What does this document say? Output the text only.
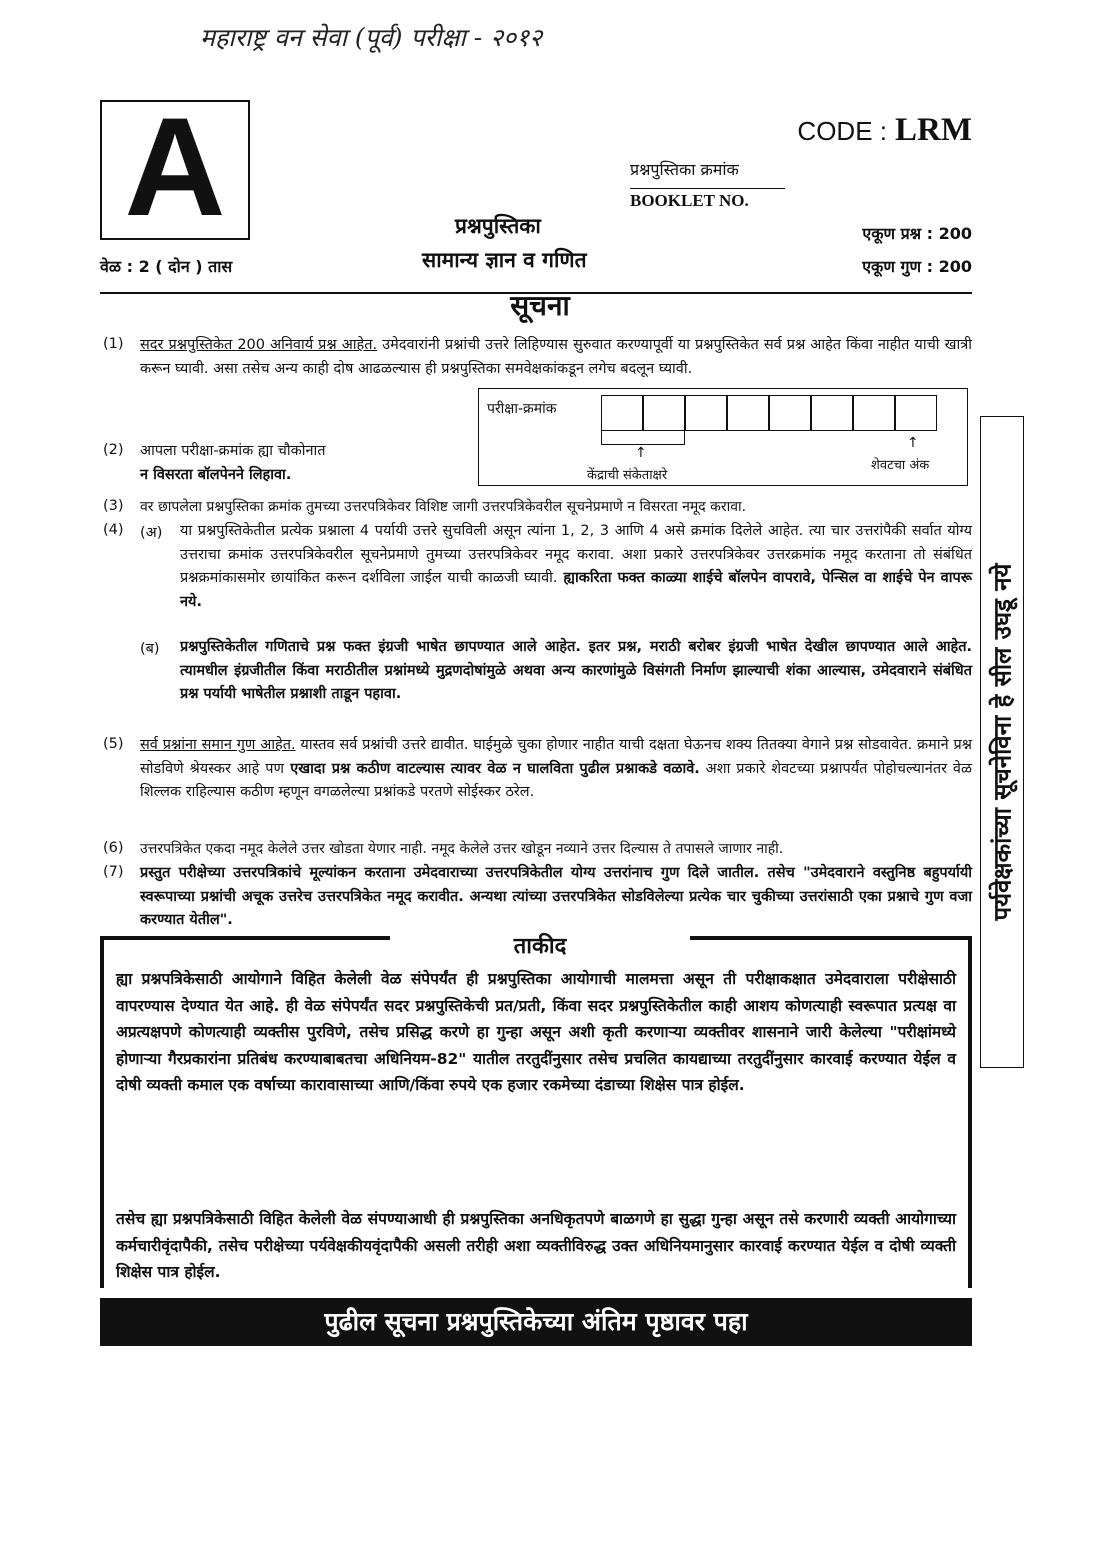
महाराष्ट्र वन सेवा (पूर्व) परीक्षा - २०१२
A	CODE : LRM
प्रश्नपुस्तिका क्रमांक
BOOKLET NO.
प्रश्नपुस्तिका
सामान्य ज्ञान व गणित
वेळ : 2 ( दोन ) तास
एकूण प्रश्न : 200
एकूण गुण : 200
सूचना
(1) सदर प्रश्नपुस्तिकेत 200 अनिवार्य प्रश्न आहेत. उमेदवारांनी प्रश्नांची उत्तरे लिहिण्यास सुरुवात करण्यापूर्वी या प्रश्नपुस्तिकेत सर्व प्रश्न आहेत किंवा नाहीत याची खात्री करून घ्यावी. असा तसेच अन्य काही दोष आढळल्यास ही प्रश्नपुस्तिका समवेक्षकांकडून लगेच बदलून घ्यावी.
परीक्षा-क्रमांक
↑
↑
केंद्राची संकेताक्षरे
शेवटचा अंक
(2) आपला परीक्षा-क्रमांक ह्या चौकोनात
न विसरता बॉलपेनने लिहावा.
(3) वर छापलेला प्रश्नपुस्तिका क्रमांक तुमच्या उत्तरपत्रिकेवर विशिष्ट जागी उत्तरपत्रिकेवरील सूचनेप्रमाणे न विसरता नमूद करावा.
(4) (अ) या प्रश्नपुस्तिकेतील प्रत्येक प्रश्नाला 4 पर्यायी उत्तरे सुचविली असून त्यांना 1, 2, 3 आणि 4 असे क्रमांक दिलेले आहेत. त्या चार उत्तरांपैकी सर्वात योग्य उत्तराचा क्रमांक उत्तरपत्रिकेवरील सूचनेप्रमाणे तुमच्या उत्तरपत्रिकेवर नमूद करावा. अशा प्रकारे उत्तरपत्रिकेवर उत्तरक्रमांक नमूद करताना तो संबंधित प्रश्नक्रमांकासमोर छायांकित करून दर्शविला जाईल याची काळजी घ्यावी. ह्याकरिता फक्त काळ्या शाईचे बॉलपेन वापरावे, पेन्सिल वा शाईचे पेन वापरू नये.
(ब) प्रश्नपुस्तिकेतील गणिताचे प्रश्न फक्त इंग्रजी भाषेत छापण्यात आले आहेत. इतर प्रश्न, मराठी बरोबर इंग्रजी भाषेत देखील छापण्यात आले आहेत. त्यामधील इंग्रजीतील किंवा मराठीतील प्रश्नांमध्ये मुद्रणदोषांमुळे अथवा अन्य कारणांमुळे विसंगती निर्माण झाल्याची शंका आल्यास, उमेदवाराने संबंधित प्रश्न पर्यायी भाषेतील प्रश्नाशी ताडून पहावा.
(5) सर्व प्रश्नांना समान गुण आहेत. यास्तव सर्व प्रश्नांची उत्तरे द्यावीत. घाईमुळे चुका होणार नाहीत याची दक्षता घेऊनच शक्य तितक्या वेगाने प्रश्न सोडवावेत. क्रमाने प्रश्न सोडविणे श्रेयस्कर आहे पण एखादा प्रश्न कठीण वाटल्यास त्यावर वेळ न घालविता पुढील प्रश्नाकडे वळावे. अशा प्रकारे शेवटच्या प्रश्नापर्यंत पोहोचल्यानंतर वेळ शिल्लक राहिल्यास कठीण म्हणून वगळलेल्या प्रश्नांकडे परतणे सोईस्कर ठरेल.
(6) उत्तरपत्रिकेत एकदा नमूद केलेले उत्तर खोडता येणार नाही. नमूद केलेले उत्तर खोडून नव्याने उत्तर दिल्यास ते तपासले जाणार नाही.
(7) प्रस्तुत परीक्षेच्या उत्तरपत्रिकांचे मूल्यांकन करताना उमेदवाराच्या उत्तरपत्रिकेतील योग्य उत्तरांनाच गुण दिले जातील. तसेच "उमेदवाराने वस्तुनिष्ठ बहुपर्यायी स्वरूपाच्या प्रश्नांची अचूक उत्तरेच उत्तरपत्रिकेत नमूद करावीत. अन्यथा त्यांच्या उत्तरपत्रिकेत सोडविलेल्या प्रत्येक चार चुकीच्या उत्तरांसाठी एका प्रश्नाचे गुण वजा करण्यात येतील".	पर्यवेक्षकांच्या सूचनेविना हे सील उघडू नये
ताकीद
ह्या प्रश्नपत्रिकेसाठी आयोगाने विहित केलेली वेळ संपेपर्यंत ही प्रश्नपुस्तिका आयोगाची मालमत्ता असून ती परीक्षाकक्षात उमेदवाराला परीक्षेसाठी वापरण्यास देण्यात येत आहे. ही वेळ संपेपर्यंत सदर प्रश्नपुस्तिकेची प्रत/प्रती, किंवा सदर प्रश्नपुस्तिकेतील काही आशय कोणत्याही स्वरूपात प्रत्यक्ष वा अप्रत्यक्षपणे कोणत्याही व्यक्तीस पुरविणे, तसेच प्रसिद्ध करणे हा गुन्हा असून अशी कृती करणाऱ्या व्यक्तीवर शासनाने जारी केलेल्या "परीक्षांमध्ये होणाऱ्या गैरप्रकारांना प्रतिबंध करण्याबाबतचा अधिनियम-82" यातील तरतुदींनुसार तसेच प्रचलित कायद्याच्या तरतुदींनुसार कारवाई करण्यात येईल व दोषी व्यक्ती कमाल एक वर्षाच्या कारावासाच्या आणि/किंवा रुपये एक हजार रकमेच्या दंडाच्या शिक्षेस पात्र होईल.
तसेच ह्या प्रश्नपत्रिकेसाठी विहित केलेली वेळ संपण्याआधी ही प्रश्नपुस्तिका अनधिकृतपणे बाळगणे हा सुद्धा गुन्हा असून तसे करणारी व्यक्ती आयोगाच्या कर्मचारीवृंदापैकी, तसेच परीक्षेच्या पर्यवेक्षकीयवृंदापैकी असली तरीही अशा व्यक्तीविरुद्ध उक्त अधिनियमानुसार कारवाई करण्यात येईल व दोषी व्यक्ती शिक्षेस पात्र होईल.
पुढील सूचना प्रश्नपुस्तिकेच्या अंतिम पृष्ठावर पहा
